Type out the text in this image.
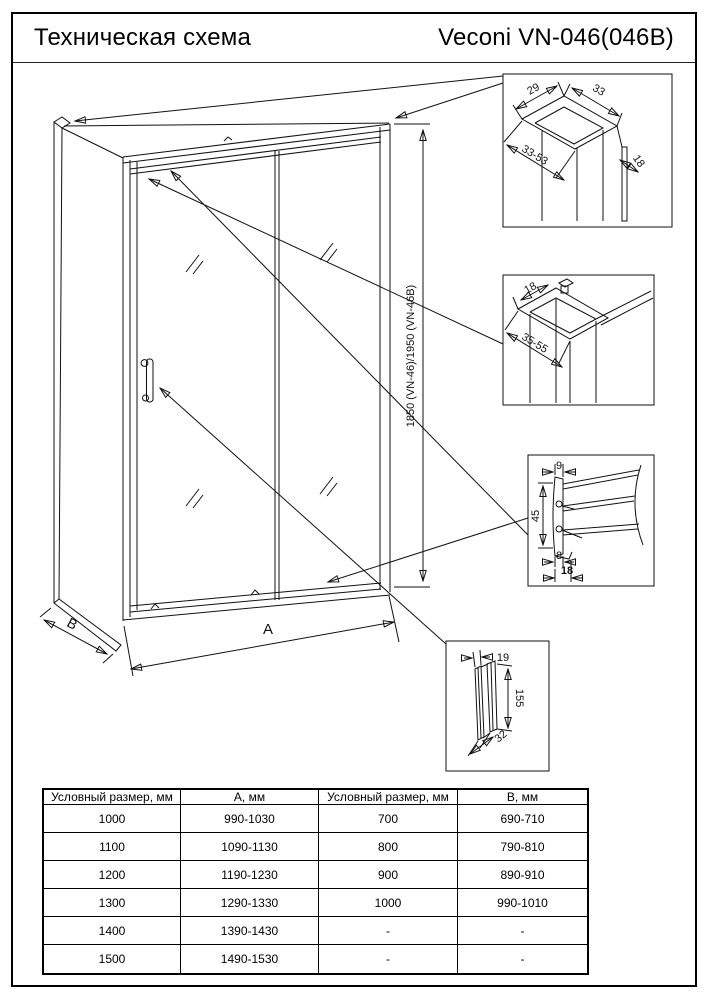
Техническая схема	Veconi VN-046(046B)
1850 (VN-46)/1950 (VN-46B)
A
B
29	33
33-53	18
18
35-55
9
45
8
18
19
155
32
Условный размер, мм	А, мм	Условный размер, мм	В, мм
1000	990-1030	700	690-710
1100	1090-1130	800	790-810
1200	1190-1230	900	890-910
1300	1290-1330	1000	990-1010
1400	1390-1430	-	-
1500	1490-1530	-	-
